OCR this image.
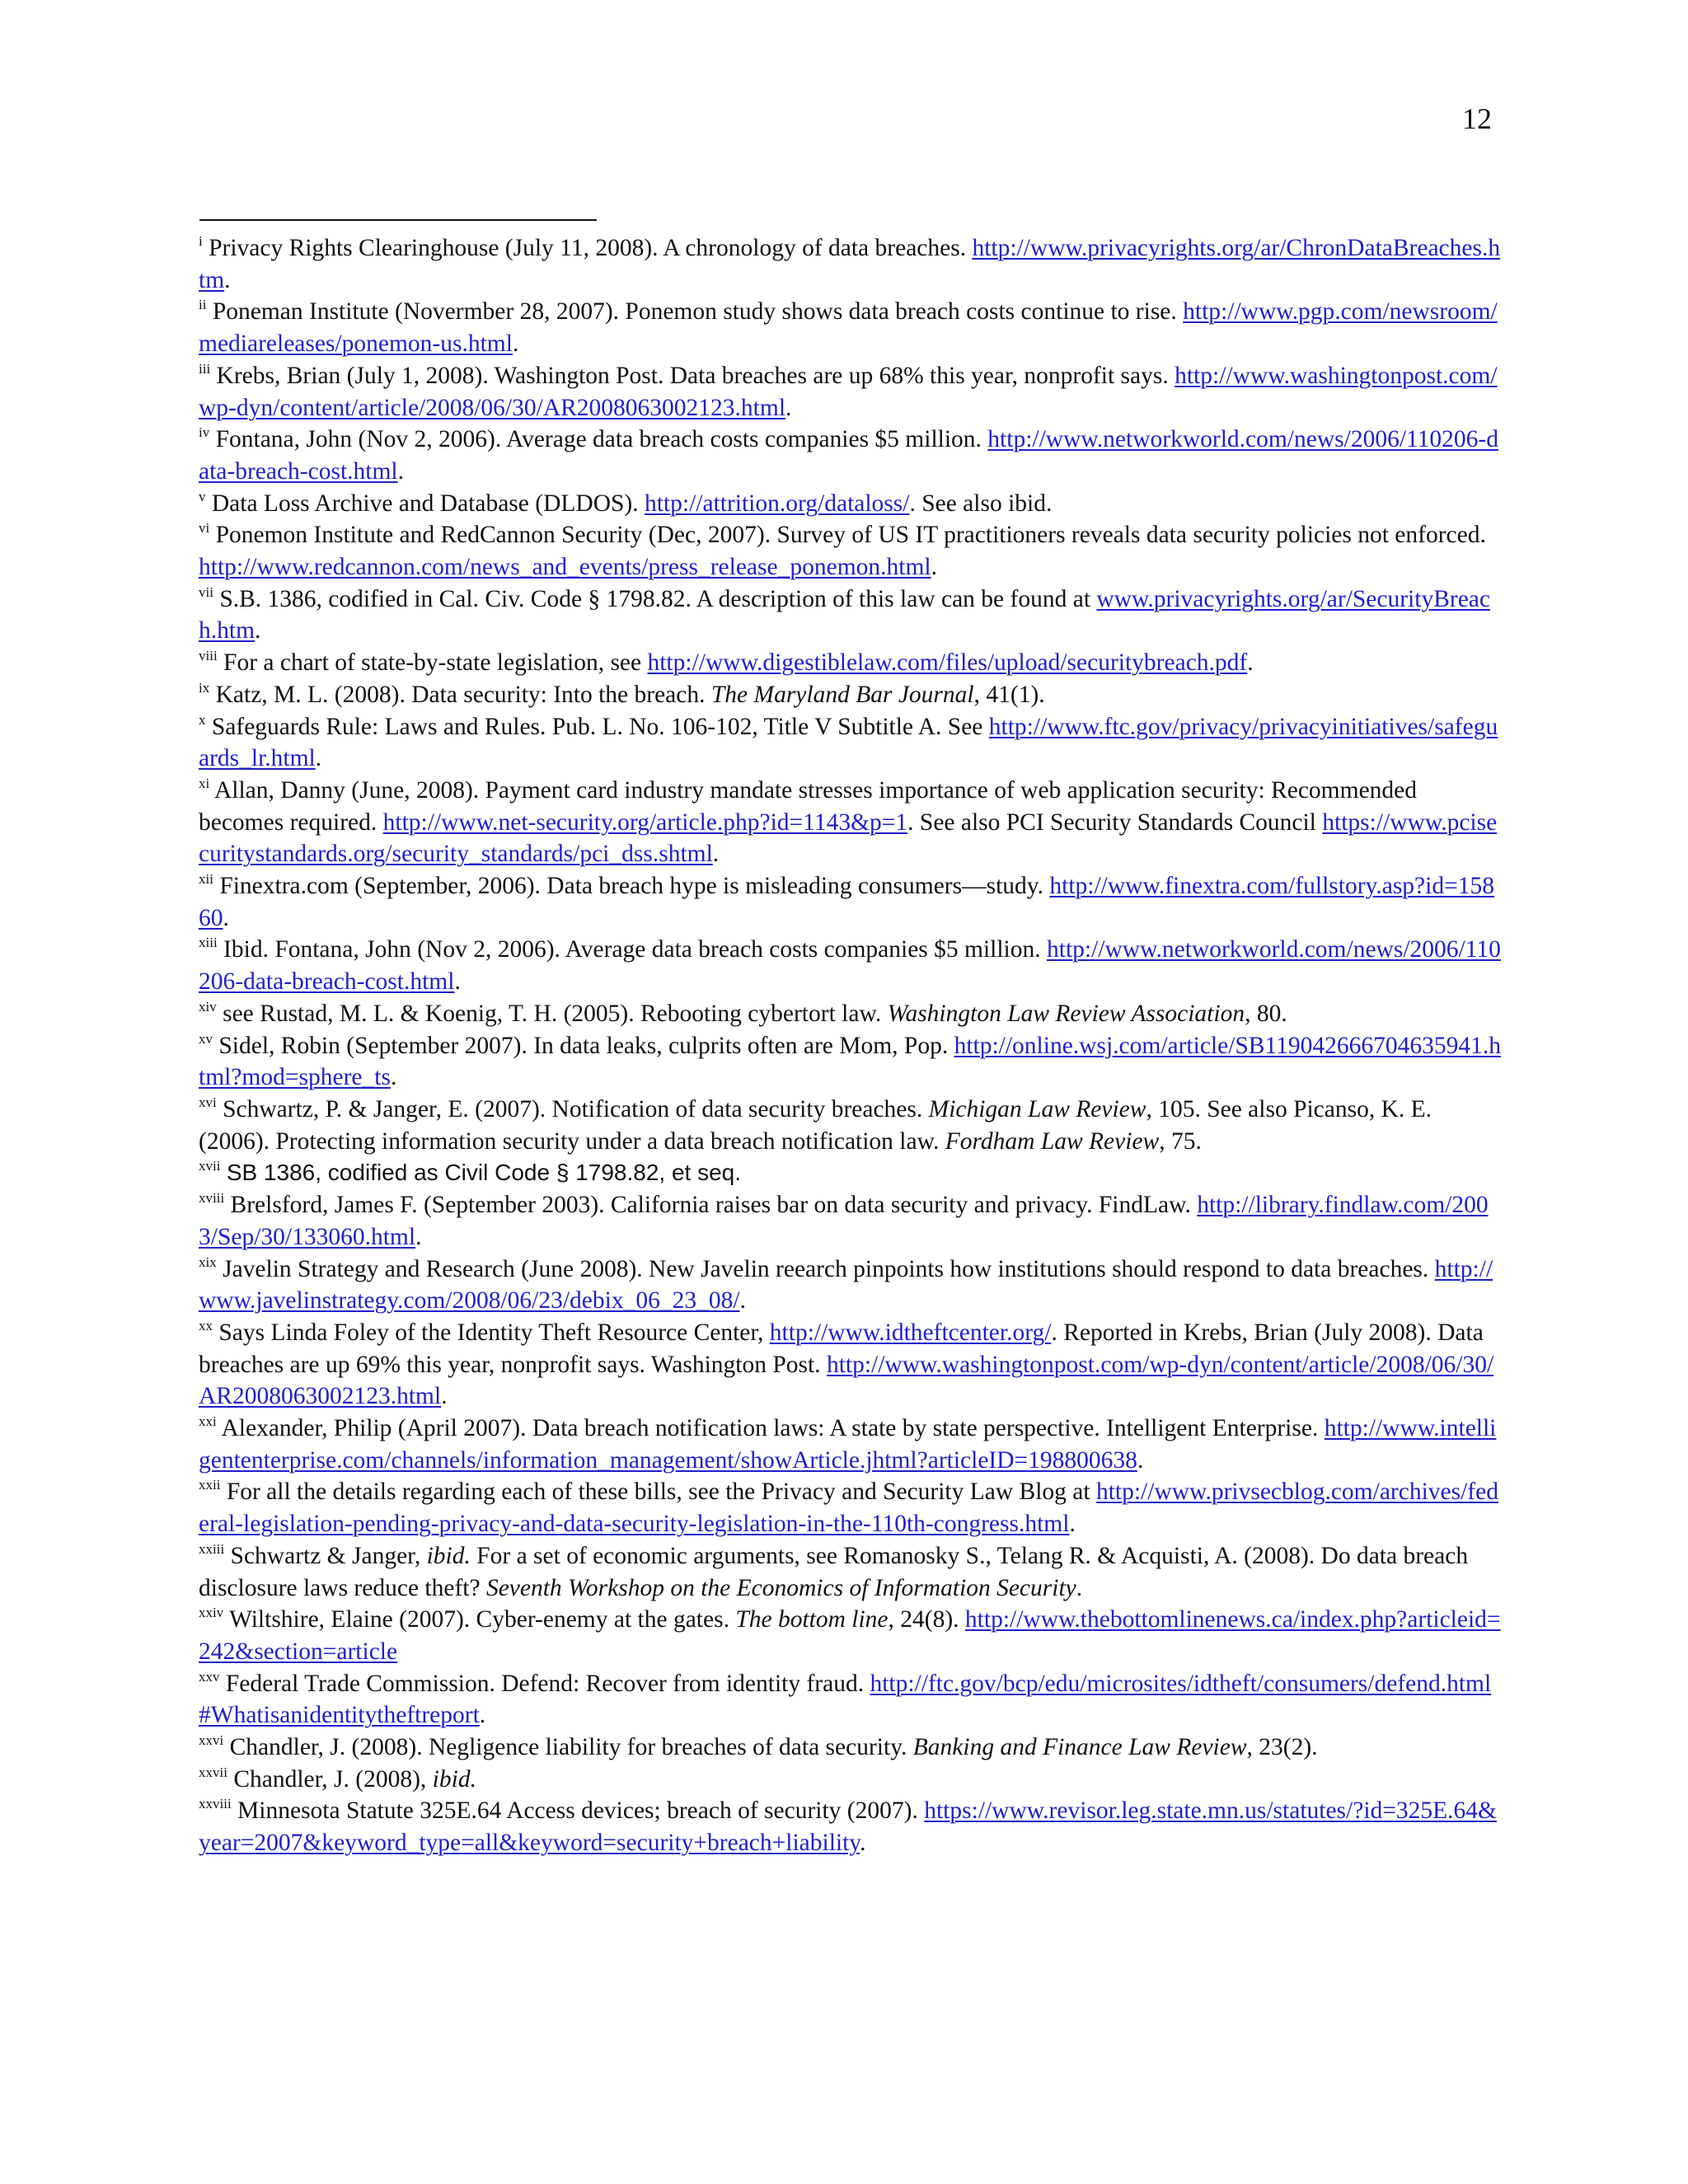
12

$^i$ Privacy Rights Clearinghouse (July 11, 2008). A chronology of data breaches. http://www.privacyrights.org/ar/ChronDataBreaches.htm.

$^{ii}$ Poneman Institute (Novermber 28, 2007). Ponemon study shows data breach costs continue to rise. http://www.pgp.com/newsroom/mediareleases/ponemon-us.html.

$^{iii}$ Krebs, Brian (July 1, 2008). Washington Post. Data breaches are up 68% this year, nonprofit says. http://www.washingtonpost.com/wp-dyn/content/article/2008/06/30/AR2008063002123.html.

$^{iv}$ Fontana, John (Nov 2, 2006). Average data breach costs companies $5 million. http://www.networkworld.com/news/2006/110206-data-breach-cost.html.

$^v$ Data Loss Archive and Database (DLDOS). http://attrition.org/dataloss/. See also ibid.

$^{vi}$ Ponemon Institute and RedCannon Security (Dec, 2007). Survey of US IT practitioners reveals data security policies not enforced. http://www.redcannon.com/news_and_events/press_release_ponemon.html.

$^{vii}$ S.B. 1386, codified in Cal. Civ. Code § 1798.82. A description of this law can be found at www.privacyrights.org/ar/SecurityBreach.htm.

$^{viii}$ For a chart of state-by-state legislation, see http://www.digestiblelaw.com/files/upload/securitybreach.pdf.

$^{ix}$ Katz, M. L. (2008). Data security: Into the breach. The Maryland Bar Journal, 41(1).

$^x$ Safeguards Rule: Laws and Rules. Pub. L. No. 106-102, Title V Subtitle A. See http://www.ftc.gov/privacy/privacyinitiatives/safeguards_lr.html.

$^{xi}$ Allan, Danny (June, 2008). Payment card industry mandate stresses importance of web application security: Recommended becomes required. http://www.net-security.org/article.php?id=1143&p=1. See also PCI Security Standards Council https://www.pcisecuritystandards.org/security_standards/pci_dss.shtml.

$^{xii}$ Finextra.com (September, 2006). Data breach hype is misleading consumers—study. http://www.finextra.com/fullstory.asp?id=15860.

$^{xiii}$ Ibid. Fontana, John (Nov 2, 2006). Average data breach costs companies $5 million. http://www.networkworld.com/news/2006/110206-data-breach-cost.html.

$^{xiv}$ see Rustad, M. L. & Koenig, T. H. (2005). Rebooting cybertort law. Washington Law Review Association, 80.

$^{xv}$ Sidel, Robin (September 2007). In data leaks, culprits often are Mom, Pop. http://online.wsj.com/article/SB119042666704635941.html?mod=sphere_ts.

$^{xvi}$ Schwartz, P. & Janger, E. (2007). Notification of data security breaches. Michigan Law Review, 105. See also Picanso, K. E. (2006). Protecting information security under a data breach notification law. Fordham Law Review, 75.

$^{xvii}$ SB 1386, codified as Civil Code § 1798.82, et seq.

$^{xviii}$ Brelsford, James F. (September 2003). California raises bar on data security and privacy. FindLaw. http://library.findlaw.com/2003/Sep/30/133060.html.

$^{xix}$ Javelin Strategy and Research (June 2008). New Javelin reearch pinpoints how institutions should respond to data breaches. http://www.javelinstrategy.com/2008/06/23/debix_06_23_08/.

$^{xx}$ Says Linda Foley of the Identity Theft Resource Center, http://www.idtheftcenter.org/. Reported in Krebs, Brian (July 2008). Data breaches are up 69% this year, nonprofit says. Washington Post. http://www.washingtonpost.com/wp-dyn/content/article/2008/06/30/AR2008063002123.html.

$^{xxi}$ Alexander, Philip (April 2007). Data breach notification laws: A state by state perspective. Intelligent Enterprise. http://www.intelligententerprise.com/channels/information_management/showArticle.jhtml?articleID=198800638.

$^{xxii}$ For all the details regarding each of these bills, see the Privacy and Security Law Blog at http://www.privsecblog.com/archives/federal-legislation-pending-privacy-and-data-security-legislation-in-the-110th-congress.html.

$^{xxiii}$ Schwartz & Janger, ibid. For a set of economic arguments, see Romanosky S., Telang R. & Acquisti, A. (2008). Do data breach disclosure laws reduce theft? Seventh Workshop on the Economics of Information Security.

$^{xxiv}$ Wiltshire, Elaine (2007). Cyber-enemy at the gates. The bottom line, 24(8). http://www.thebottomlinenews.ca/index.php?articleid=242&section=article

$^{xxv}$ Federal Trade Commission. Defend: Recover from identity fraud. http://ftc.gov/bcp/edu/microsites/idtheft/consumers/defend.html#Whatisanidentitytheftreport.

$^{xxvi}$ Chandler, J. (2008). Negligence liability for breaches of data security. Banking and Finance Law Review, 23(2).

$^{xxvii}$ Chandler, J. (2008), ibid.

$^{xxviii}$ Minnesota Statute 325E.64 Access devices; breach of security (2007). https://www.revisor.leg.state.mn.us/statutes/?id=325E.64&year=2007&keyword_type=all&keyword=security+breach+liability.
